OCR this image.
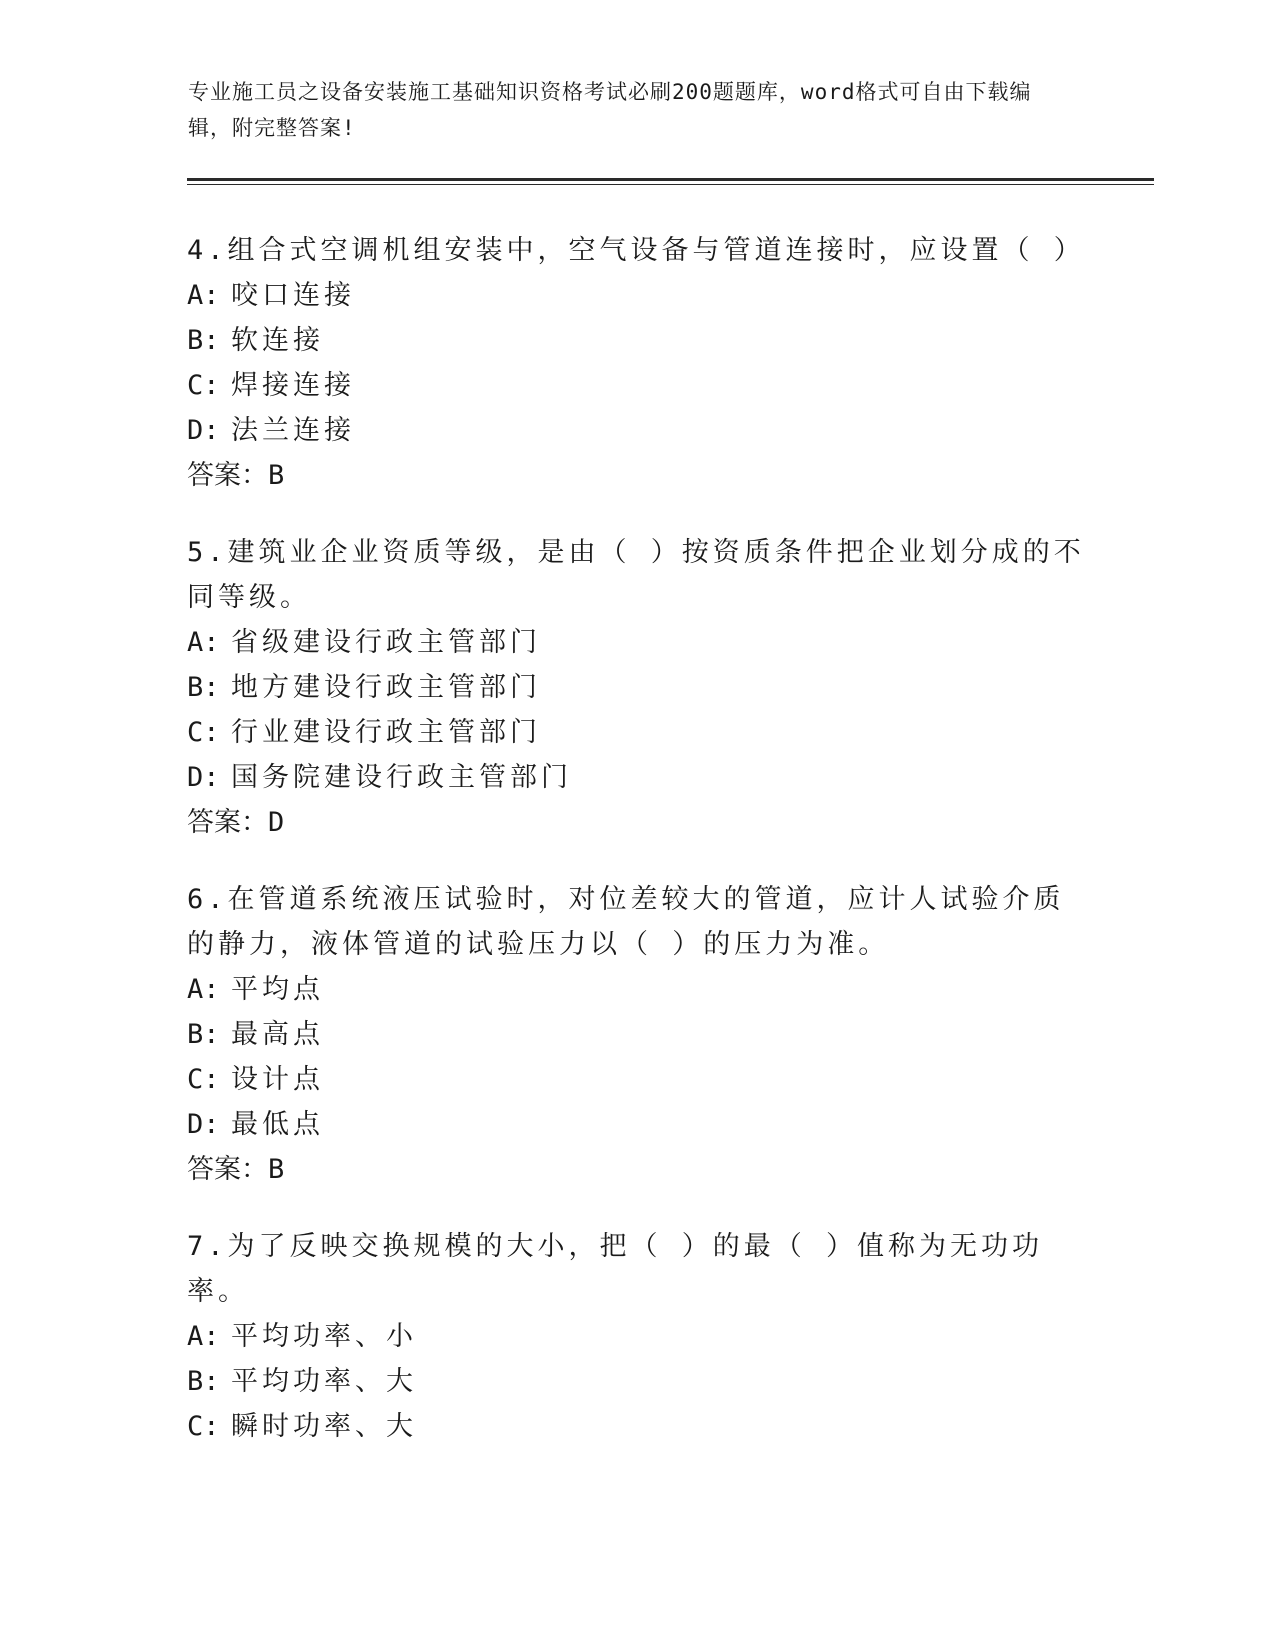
专业施工员之设备安装施工基础知识资格考试必刷200题题库，word格式可自由下载编辑，附完整答案!

4.组合式空调机组安装中，空气设备与管道连接时，应设置（ ）

A: 咬口连接

B: 软连接

C: 焊接连接

D: 法兰连接

答案：B

5.建筑业企业资质等级，是由（ ）按资质条件把企业划分成的不同等级。

A: 省级建设行政主管部门

B: 地方建设行政主管部门

C: 行业建设行政主管部门

D: 国务院建设行政主管部门

答案：D

6.在管道系统液压试验时，对位差较大的管道，应计人试验介质的静力，液体管道的试验压力以（ ）的压力为准。

A: 平均点

B: 最高点

C: 设计点

D: 最低点

答案：B

7.为了反映交换规模的大小，把（ ）的最（ ）值称为无功功率。

A: 平均功率、小

B: 平均功率、大

C: 瞬时功率、大
